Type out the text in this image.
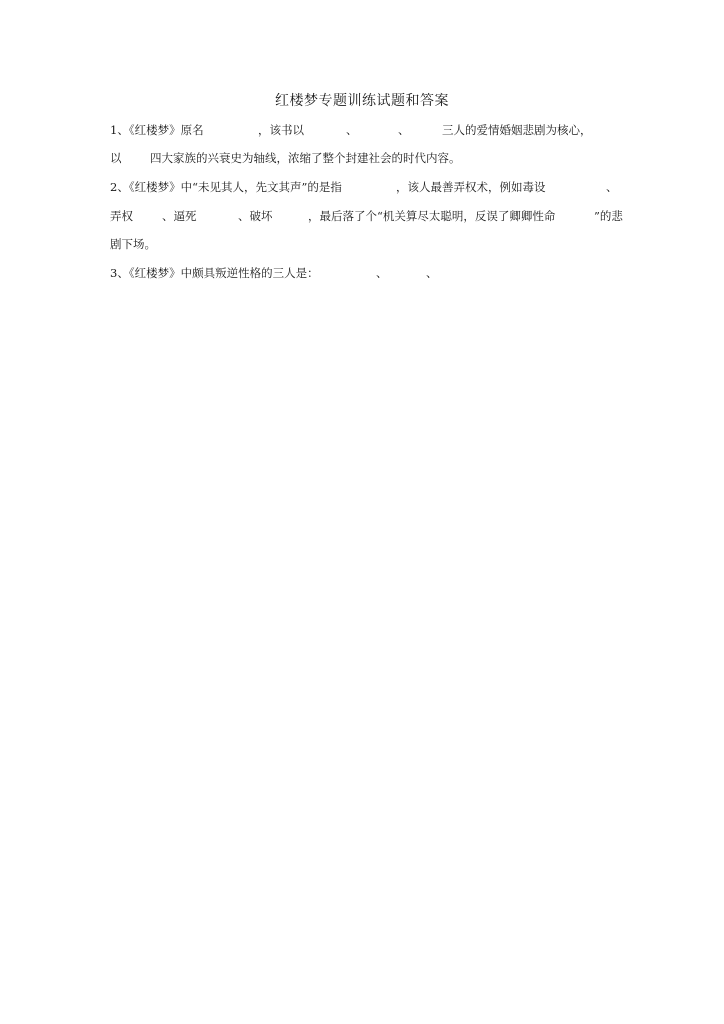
红楼梦专题训练试题和答案
1、《红楼梦》原名	，该书以	、	、	三人的爱情婚姻悲剧为核心，
以 四大家族的兴衰史为轴线，浓缩了整个封建社会的时代内容。
2、《红楼梦》中“未见其人，先文其声”的是指	，该人最善弄权术，例如毒设	、
弄权	、逼死	、破坏	，最后落了个“机关算尽太聪明，反误了卿卿性命	”的悲
剧下场。
3、《红楼梦》中颇具叛逆性格的三人是：	、	、
